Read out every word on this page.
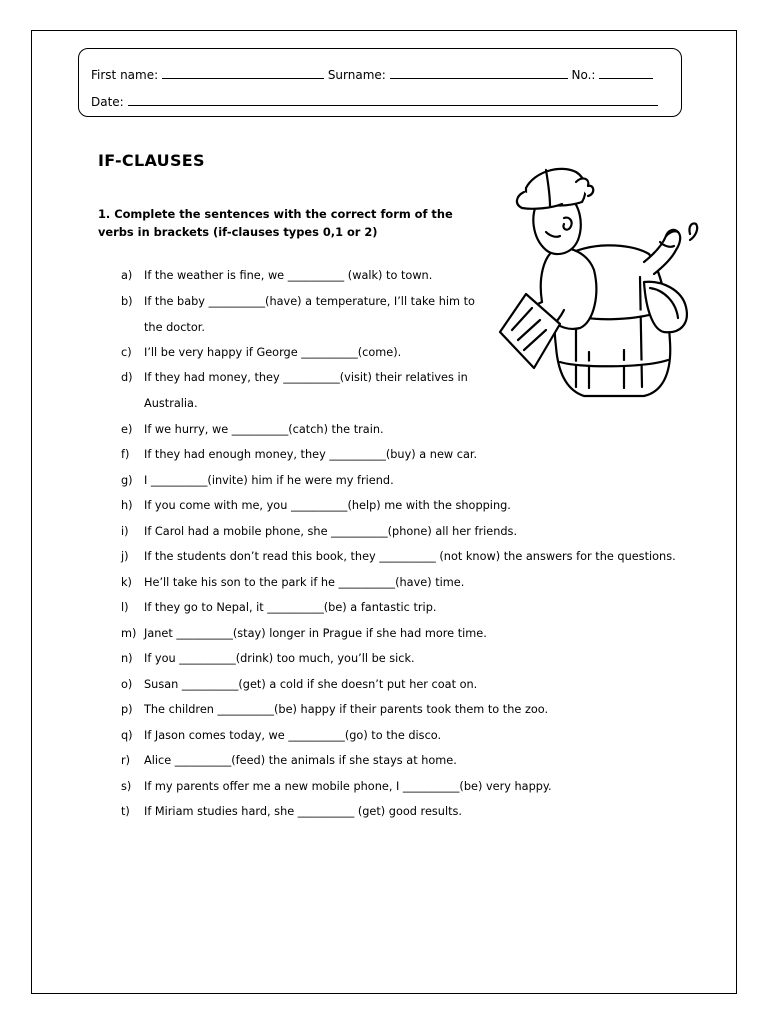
First name:	Surname:	No.:
Date:
IF-CLAUSES
1. Complete the sentences with the correct form of the verbs in brackets (if-clauses types 0,1 or 2)
a) If the weather is fine, we __________ (walk) to town.
b) If the baby __________(have) a temperature, I’ll take him to the doctor.
c) I’ll be very happy if George __________(come).
d) If they had money, they __________(visit) their relatives in Australia.
e) If we hurry, we __________(catch) the train.
f) If they had enough money, they __________(buy) a new car.
g) I __________(invite) him if he were my friend.
h) If you come with me, you __________(help) me with the shopping.
i) If Carol had a mobile phone, she __________(phone) all her friends.
j) If the students don’t read this book, they __________ (not know) the answers for the questions.
k) He’ll take his son to the park if he __________(have) time.
l) If they go to Nepal, it __________(be) a fantastic trip.
m) Janet __________(stay) longer in Prague if she had more time.
n) If you __________(drink) too much, you’ll be sick.
o) Susan __________(get) a cold if she doesn’t put her coat on.
p) The children __________(be) happy if their parents took them to the zoo.
q) If Jason comes today, we __________(go) to the disco.
r) Alice __________(feed) the animals if she stays at home.
s) If my parents offer me a new mobile phone, I __________(be) very happy.
t) If Miriam studies hard, she __________ (get) good results.
